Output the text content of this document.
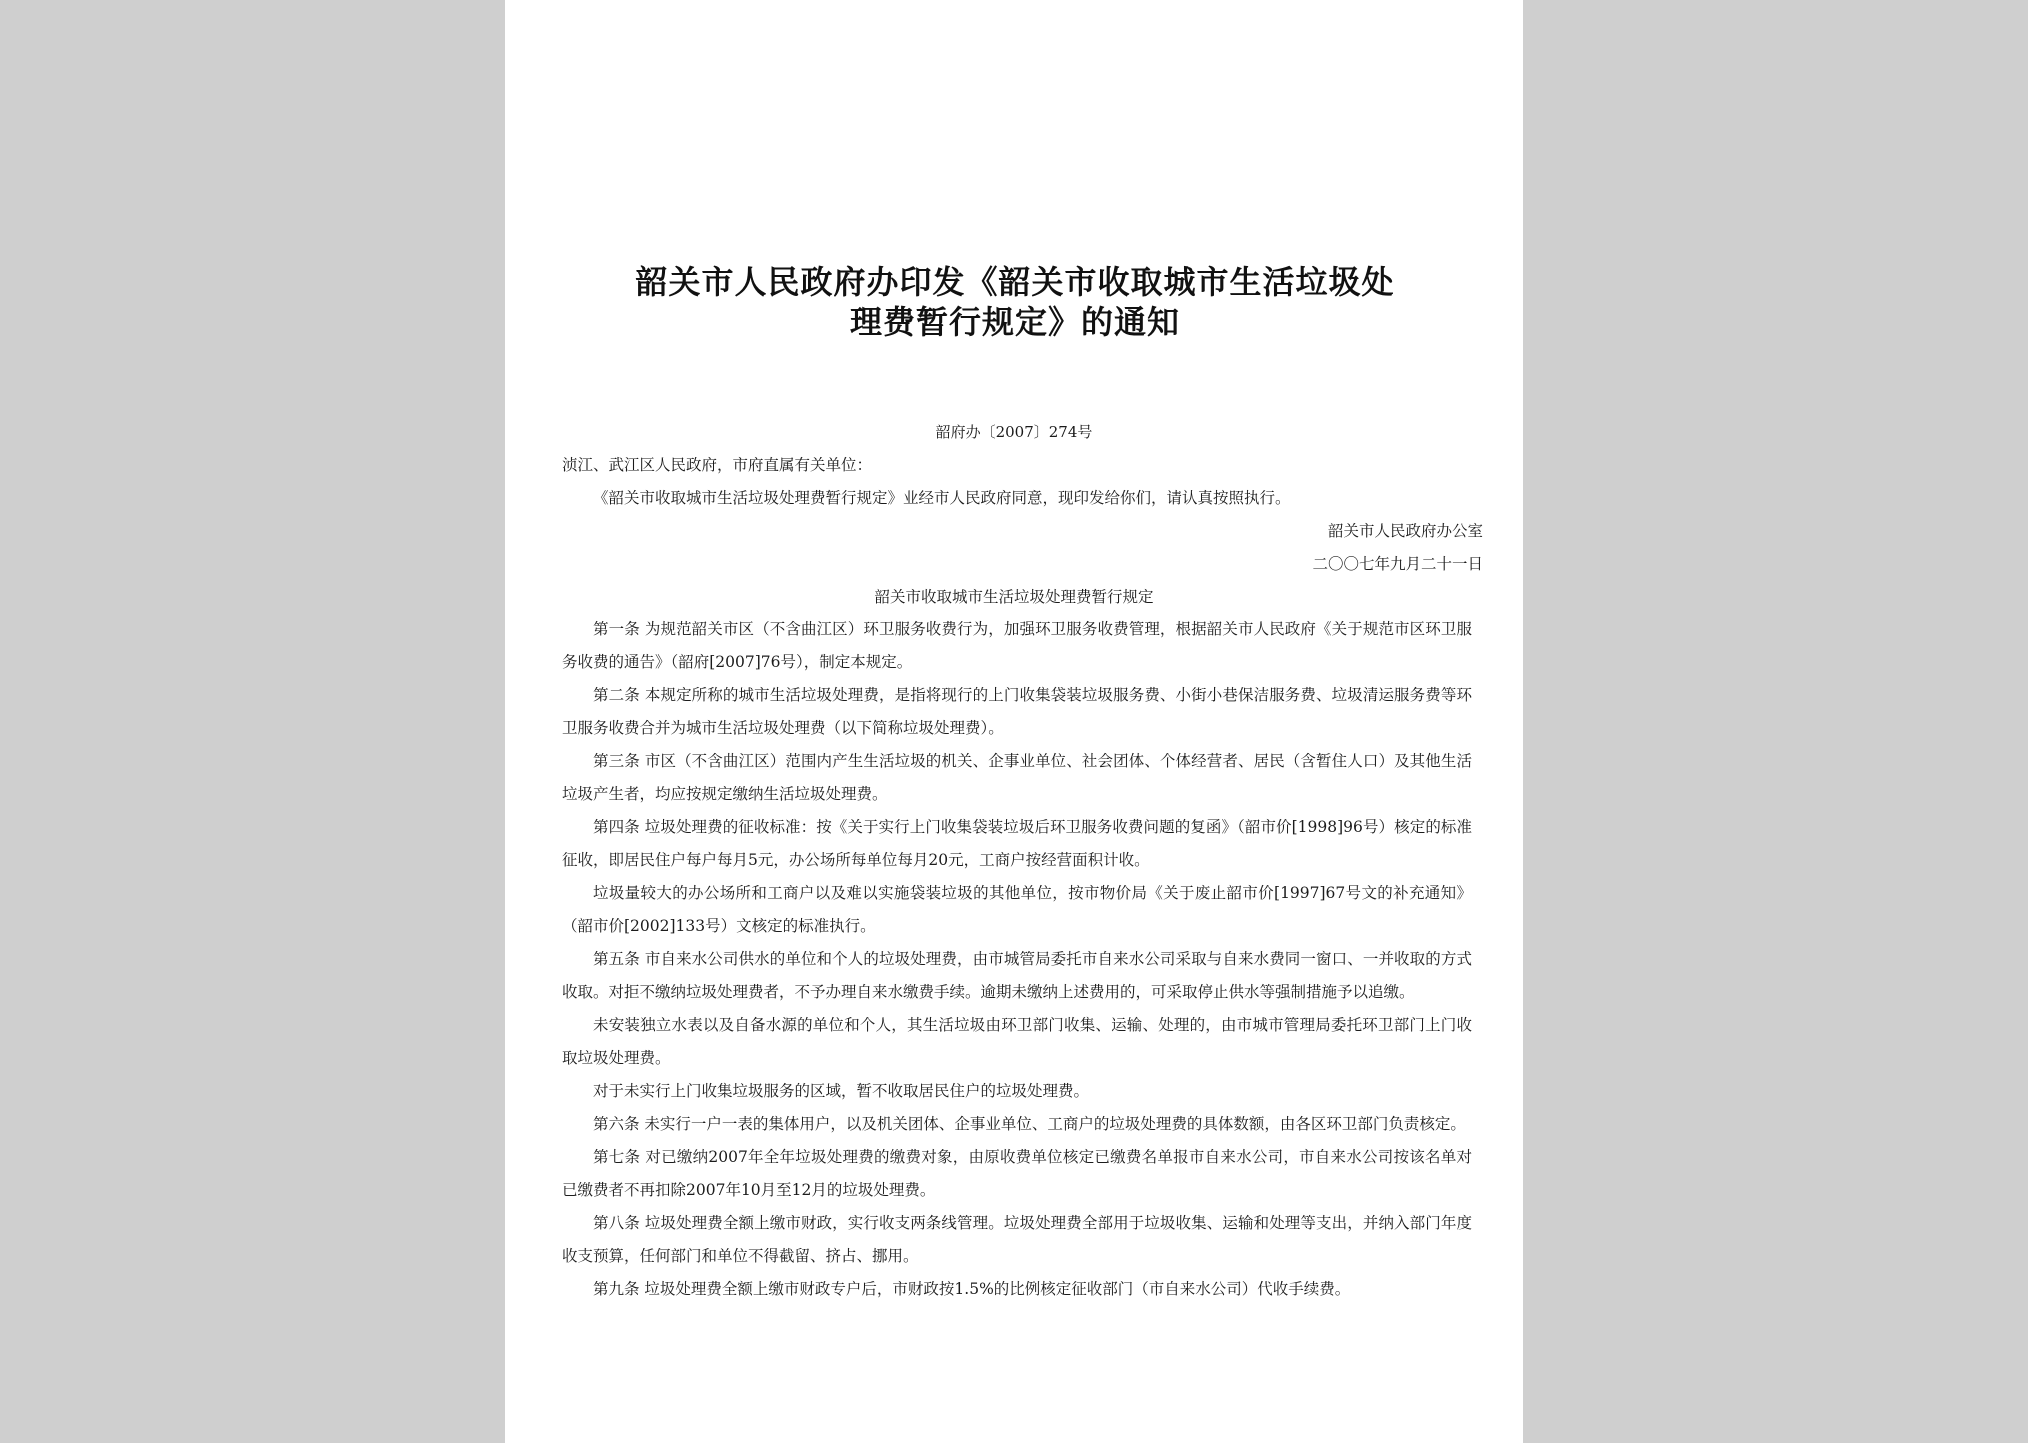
韶关市人民政府办印发《韶关市收取城市生活垃圾处
理费暂行规定》的通知
韶府办〔2007〕274号
浈江、武江区人民政府，市府直属有关单位：
《韶关市收取城市生活垃圾处理费暂行规定》业经市人民政府同意，现印发给你们，请认真按照执行。
韶关市人民政府办公室
二〇〇七年九月二十一日
韶关市收取城市生活垃圾处理费暂行规定

第一条 为规范韶关市区（不含曲江区）环卫服务收费行为，加强环卫服务收费管理，根据韶关市人民政府《关于规范市区环卫服务收费的通告》（韶府[2007]76号），制定本规定。

第二条 本规定所称的城市生活垃圾处理费，是指将现行的上门收集袋装垃圾服务费、小街小巷保洁服务费、垃圾清运服务费等环卫服务收费合并为城市生活垃圾处理费（以下简称垃圾处理费）。

第三条 市区（不含曲江区）范围内产生生活垃圾的机关、企事业单位、社会团体、个体经营者、居民（含暂住人口）及其他生活垃圾产生者，均应按规定缴纳生活垃圾处理费。

第四条 垃圾处理费的征收标准：按《关于实行上门收集袋装垃圾后环卫服务收费问题的复函》（韶市价[1998]96号）核定的标准征收，即居民住户每户每月5元，办公场所每单位每月20元，工商户按经营面积计收。

垃圾量较大的办公场所和工商户以及难以实施袋装垃圾的其他单位，按市物价局《关于废止韶市价[1997]67号文的补充通知》（韶市价[2002]133号）文核定的标准执行。

第五条 市自来水公司供水的单位和个人的垃圾处理费，由市城管局委托市自来水公司采取与自来水费同一窗口、一并收取的方式收取。对拒不缴纳垃圾处理费者，不予办理自来水缴费手续。逾期未缴纳上述费用的，可采取停止供水等强制措施予以追缴。

未安装独立水表以及自备水源的单位和个人，其生活垃圾由环卫部门收集、运输、处理的，由市城市管理局委托环卫部门上门收取垃圾处理费。

对于未实行上门收集垃圾服务的区域，暂不收取居民住户的垃圾处理费。

第六条 未实行一户一表的集体用户，以及机关团体、企事业单位、工商户的垃圾处理费的具体数额，由各区环卫部门负责核定。

第七条 对已缴纳2007年全年垃圾处理费的缴费对象，由原收费单位核定已缴费名单报市自来水公司，市自来水公司按该名单对已缴费者不再扣除2007年10月至12月的垃圾处理费。

第八条 垃圾处理费全额上缴市财政，实行收支两条线管理。垃圾处理费全部用于垃圾收集、运输和处理等支出，并纳入部门年度收支预算，任何部门和单位不得截留、挤占、挪用。

第九条 垃圾处理费全额上缴市财政专户后，市财政按1.5%的比例核定征收部门（市自来水公司）代收手续费。
